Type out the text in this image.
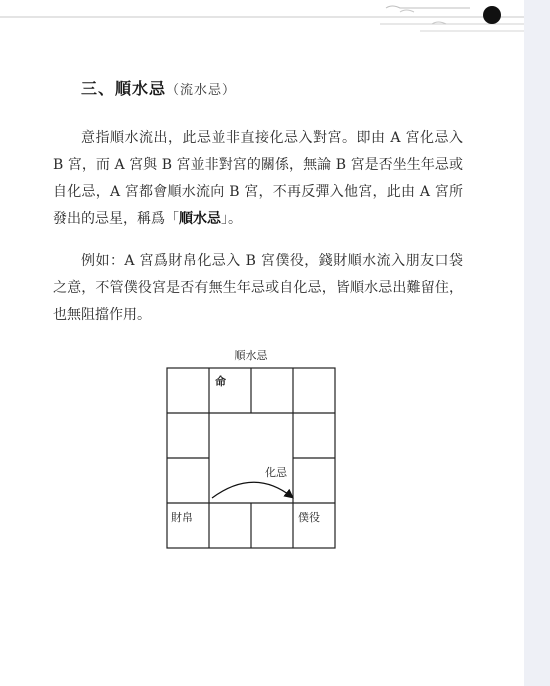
三、順水忌（流水忌）
意指順水流出，此忌並非直接化忌入對宮。即由 A 宮化忌入 B 宮，而 A 宮與 B 宮並非對宮的關係，無論 B 宮是否坐生年忌或自化忌，A 宮都會順水流向 B 宮，不再反彈入他宮，此由 A 宮所發出的忌星，稱爲「順水忌」。
例如：A 宮爲財帛化忌入 B 宮僕役，錢財順水流入朋友口袋之意，不管僕役宮是否有無生年忌或自化忌，皆順水忌出難留住，也無阻擋作用。
順水忌
命
化忌
財帛	僕役
